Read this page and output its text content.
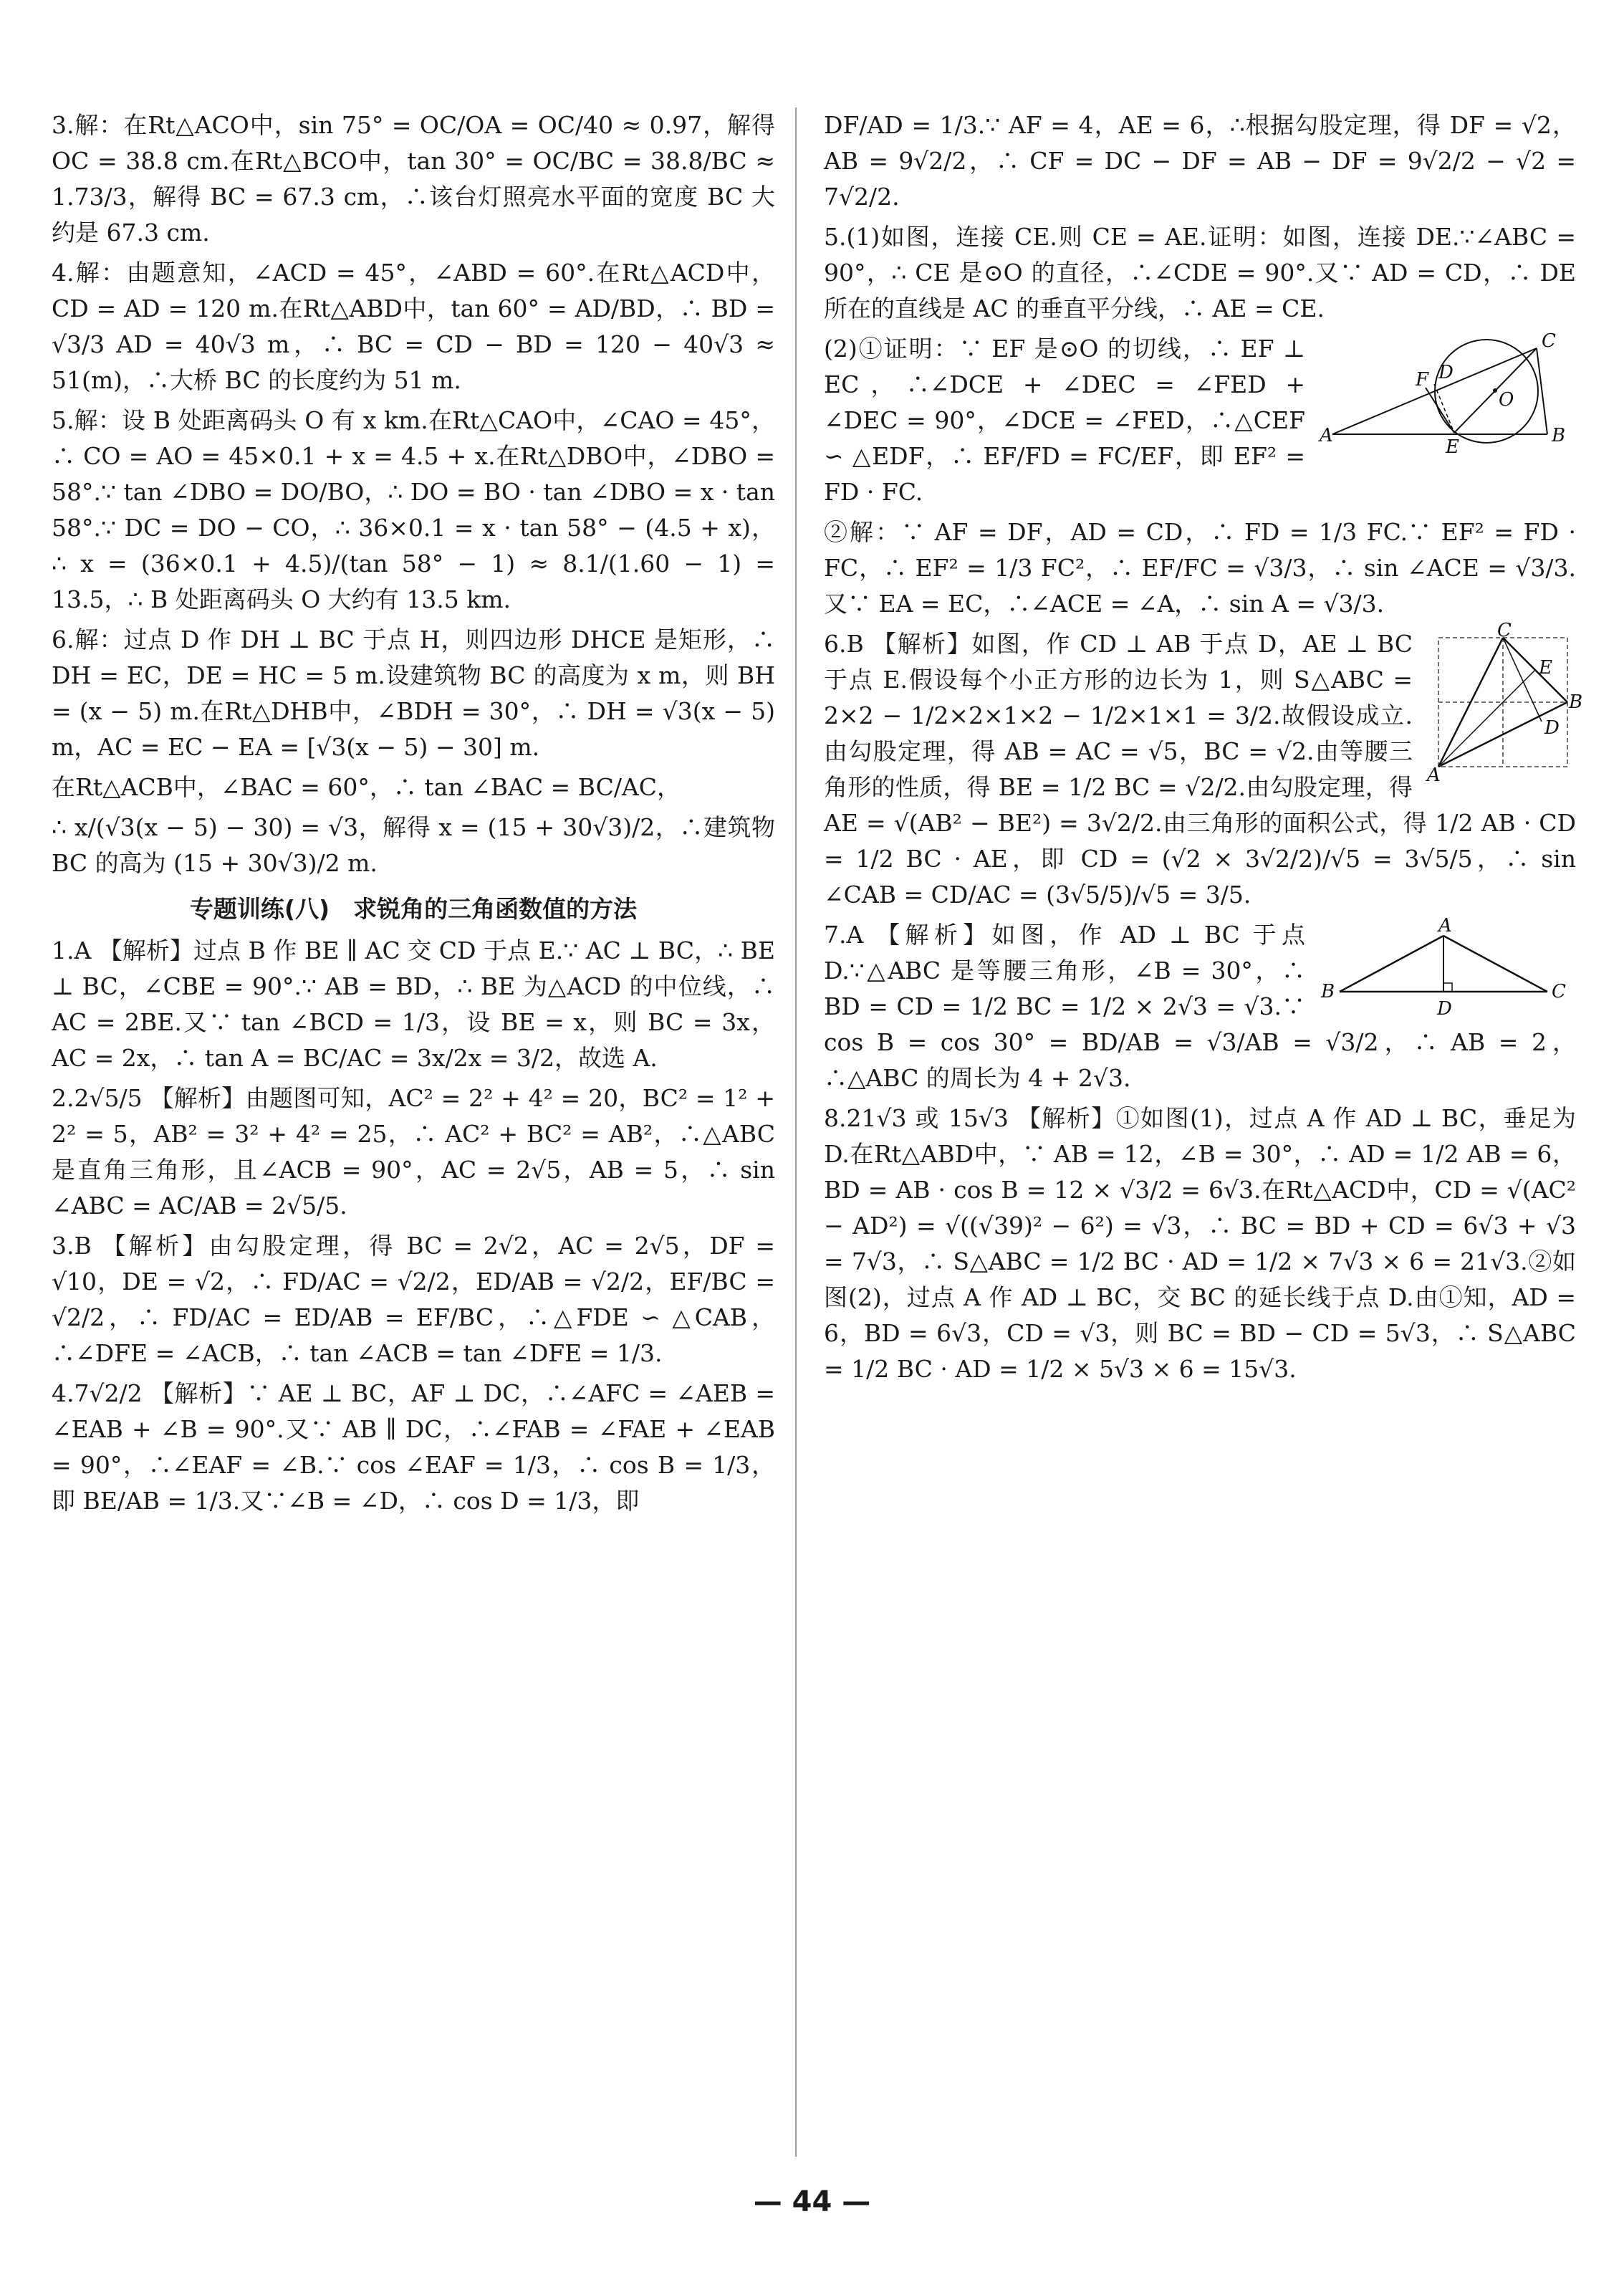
3.解：在Rt△ACO中，sin 75° = OC/OA = OC/40 ≈ 0.97，解得 OC = 38.8 cm.在Rt△BCO中，tan 30° = OC/BC = 38.8/BC ≈ 1.73/3，解得 BC = 67.3 cm，∴该台灯照亮水平面的宽度 BC 大约是 67.3 cm.

4.解：由题意知，∠ACD = 45°，∠ABD = 60°.在Rt△ACD中，CD = AD = 120 m.在Rt△ABD中，tan 60° = AD/BD，∴ BD = √3/3 AD = 40√3 m，∴ BC = CD − BD = 120 − 40√3 ≈ 51(m)，∴大桥 BC 的长度约为 51 m.

5.解：设 B 处距离码头 O 有 x km.在Rt△CAO中，∠CAO = 45°，∴ CO = AO = 45×0.1 + x = 4.5 + x.在Rt△DBO中，∠DBO = 58°.∵ tan ∠DBO = DO/BO，∴ DO = BO · tan ∠DBO = x · tan 58°.∵ DC = DO − CO，∴ 36×0.1 = x · tan 58° − (4.5 + x)，∴ x = (36×0.1 + 4.5)/(tan 58° − 1) ≈ 8.1/(1.60 − 1) = 13.5，∴ B 处距离码头 O 大约有 13.5 km.

6.解：过点 D 作 DH ⊥ BC 于点 H，则四边形 DHCE 是矩形，∴ DH = EC，DE = HC = 5 m.设建筑物 BC 的高度为 x m，则 BH = (x − 5) m.在Rt△DHB中，∠BDH = 30°，∴ DH = √3(x − 5) m，AC = EC − EA = [√3(x − 5) − 30] m.

在Rt△ACB中，∠BAC = 60°，∴ tan ∠BAC = BC/AC，

∴ x/(√3(x − 5) − 30) = √3，解得 x = (15 + 30√3)/2，∴建筑物 BC 的高为 (15 + 30√3)/2 m.

专题训练(八)　求锐角的三角函数值的方法

1.A 【解析】过点 B 作 BE ∥ AC 交 CD 于点 E.∵ AC ⊥ BC，∴ BE ⊥ BC，∠CBE = 90°.∵ AB = BD，∴ BE 为△ACD 的中位线，∴ AC = 2BE.又∵ tan ∠BCD = 1/3，设 BE = x，则 BC = 3x，AC = 2x，∴ tan A = BC/AC = 3x/2x = 3/2，故选 A.

2.2√5/5 【解析】由题图可知，AC² = 2² + 4² = 20，BC² = 1² + 2² = 5，AB² = 3² + 4² = 25，∴ AC² + BC² = AB²，∴△ABC 是直角三角形，且∠ACB = 90°，AC = 2√5，AB = 5，∴ sin ∠ABC = AC/AB = 2√5/5.

3.B 【解析】由勾股定理，得 BC = 2√2，AC = 2√5，DF = √10，DE = √2，∴ FD/AC = √2/2，ED/AB = √2/2，EF/BC = √2/2，∴ FD/AC = ED/AB = EF/BC，∴△FDE ∽ △CAB，∴∠DFE = ∠ACB，∴ tan ∠ACB = tan ∠DFE = 1/3.

4.7√2/2 【解析】∵ AE ⊥ BC，AF ⊥ DC，∴∠AFC = ∠AEB = ∠EAB + ∠B = 90°.又∵ AB ∥ DC，∴∠FAB = ∠FAE + ∠EAB = 90°，∴∠EAF = ∠B.∵ cos ∠EAF = 1/3，∴ cos B = 1/3，即 BE/AB = 1/3.又∵∠B = ∠D，∴ cos D = 1/3，即

DF/AD = 1/3.∵ AF = 4，AE = 6，∴根据勾股定理，得 DF = √2，AB = 9√2/2，∴ CF = DC − DF = AB − DF = 9√2/2 − √2 = 7√2/2.

5.(1)如图，连接 CE.则 CE = AE.证明：如图，连接 DE.∵∠ABC = 90°，∴ CE 是⊙O 的直径，∴∠CDE = 90°.又∵ AD = CD，∴ DE 所在的直线是 AC 的垂直平分线，∴ AE = CE.

A	B
C
D
E
F
O

(2)①证明：∵ EF 是⊙O 的切线，∴ EF ⊥ EC，∴∠DCE + ∠DEC = ∠FED + ∠DEC = 90°，∠DCE = ∠FED，∴△CEF ∽ △EDF，∴ EF/FD = FC/EF，即 EF² = FD · FC.

②解：∵ AF = DF，AD = CD，∴ FD = 1/3 FC.∵ EF² = FD · FC，∴ EF² = 1/3 FC²，∴ EF/FC = √3/3，∴ sin ∠ACE = √3/3.又∵ EA = EC，∴∠ACE = ∠A，∴ sin A = √3/3.

A
B
C
D
E

6.B 【解析】如图，作 CD ⊥ AB 于点 D，AE ⊥ BC 于点 E.假设每个小正方形的边长为 1，则 S△ABC = 2×2 − 1/2×2×1×2 − 1/2×1×1 = 3/2.故假设成立.由勾股定理，得 AB = AC = √5，BC = √2.由等腰三角形的性质，得 BE = 1/2 BC = √2/2.由勾股定理，得 AE = √(AB² − BE²) = 3√2/2.由三角形的面积公式，得 1/2 AB · CD = 1/2 BC · AE，即 CD = (√2 × 3√2/2)/√5 = 3√5/5，∴ sin ∠CAB = CD/AC = (3√5/5)/√5 = 3/5.

A
B	C
D

7.A 【解析】如图，作 AD ⊥ BC 于点 D.∵△ABC 是等腰三角形，∠B = 30°，∴ BD = CD = 1/2 BC = 1/2 × 2√3 = √3.∵ cos B = cos 30° = BD/AB = √3/AB = √3/2，∴ AB = 2，∴△ABC 的周长为 4 + 2√3.

8.21√3 或 15√3 【解析】①如图(1)，过点 A 作 AD ⊥ BC，垂足为 D.在Rt△ABD中，∵ AB = 12，∠B = 30°，∴ AD = 1/2 AB = 6，BD = AB · cos B = 12 × √3/2 = 6√3.在Rt△ACD中，CD = √(AC² − AD²) = √((√39)² − 6²) = √3，∴ BC = BD + CD = 6√3 + √3 = 7√3，∴ S△ABC = 1/2 BC · AD = 1/2 × 7√3 × 6 = 21√3.②如图(2)，过点 A 作 AD ⊥ BC，交 BC 的延长线于点 D.由①知，AD = 6，BD = 6√3，CD = √3，则 BC = BD − CD = 5√3，∴ S△ABC = 1/2 BC · AD = 1/2 × 5√3 × 6 = 15√3.

— 44 —
